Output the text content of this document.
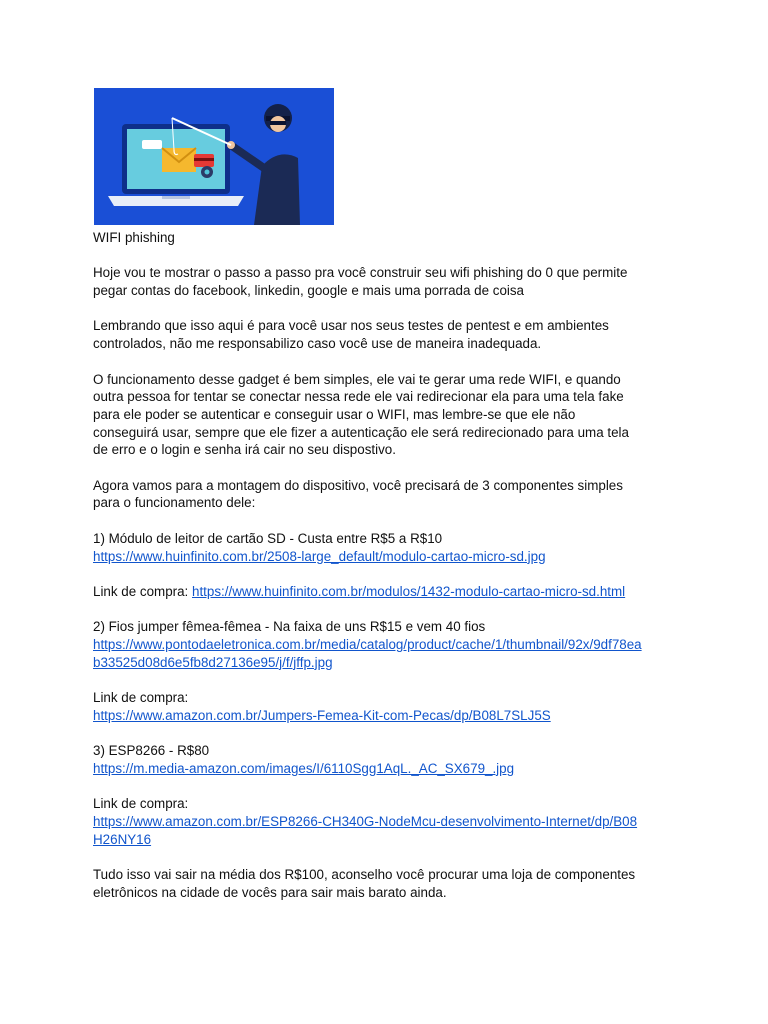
WIFI phishing

Hoje vou te mostrar o passo a passo pra você construir seu wifi phishing do 0 que permite
pegar contas do facebook, linkedin, google e mais uma porrada de coisa

Lembrando que isso aqui é para você usar nos seus testes de pentest e em ambientes
controlados, não me responsabilizo caso você use de maneira inadequada.

O funcionamento desse gadget é bem simples, ele vai te gerar uma rede WIFI, e quando
outra pessoa for tentar se conectar nessa rede ele vai redirecionar ela para uma tela fake
para ele poder se autenticar e conseguir usar o WIFI, mas lembre-se que ele não
conseguirá usar, sempre que ele fizer a autenticação ele será redirecionado para uma tela
de erro e o login e senha irá cair no seu dispostivo.

Agora vamos para a montagem do dispositivo, você precisará de 3 componentes simples
para o funcionamento dele:

1) Módulo de leitor de cartão SD - Custa entre R$5 a R$10
https://www.huinfinito.com.br/2508-large_default/modulo-cartao-micro-sd.jpg

Link de compra: https://www.huinfinito.com.br/modulos/1432-modulo-cartao-micro-sd.html

2) Fios jumper fêmea-fêmea - Na faixa de uns R$15 e vem 40 fios
https://www.pontodaeletronica.com.br/media/catalog/product/cache/1/thumbnail/92x/9df78ea
b33525d08d6e5fb8d27136e95/j/f/jffp.jpg

Link de compra:
https://www.amazon.com.br/Jumpers-Femea-Kit-com-Pecas/dp/B08L7SLJ5S

3) ESP8266 - R$80
https://m.media-amazon.com/images/I/6110Sgg1AqL._AC_SX679_.jpg

Link de compra:
https://www.amazon.com.br/ESP8266-CH340G-NodeMcu-desenvolvimento-Internet/dp/B08
H26NY16

Tudo isso vai sair na média dos R$100, aconselho você procurar uma loja de componentes
eletrônicos na cidade de vocês para sair mais barato ainda.
